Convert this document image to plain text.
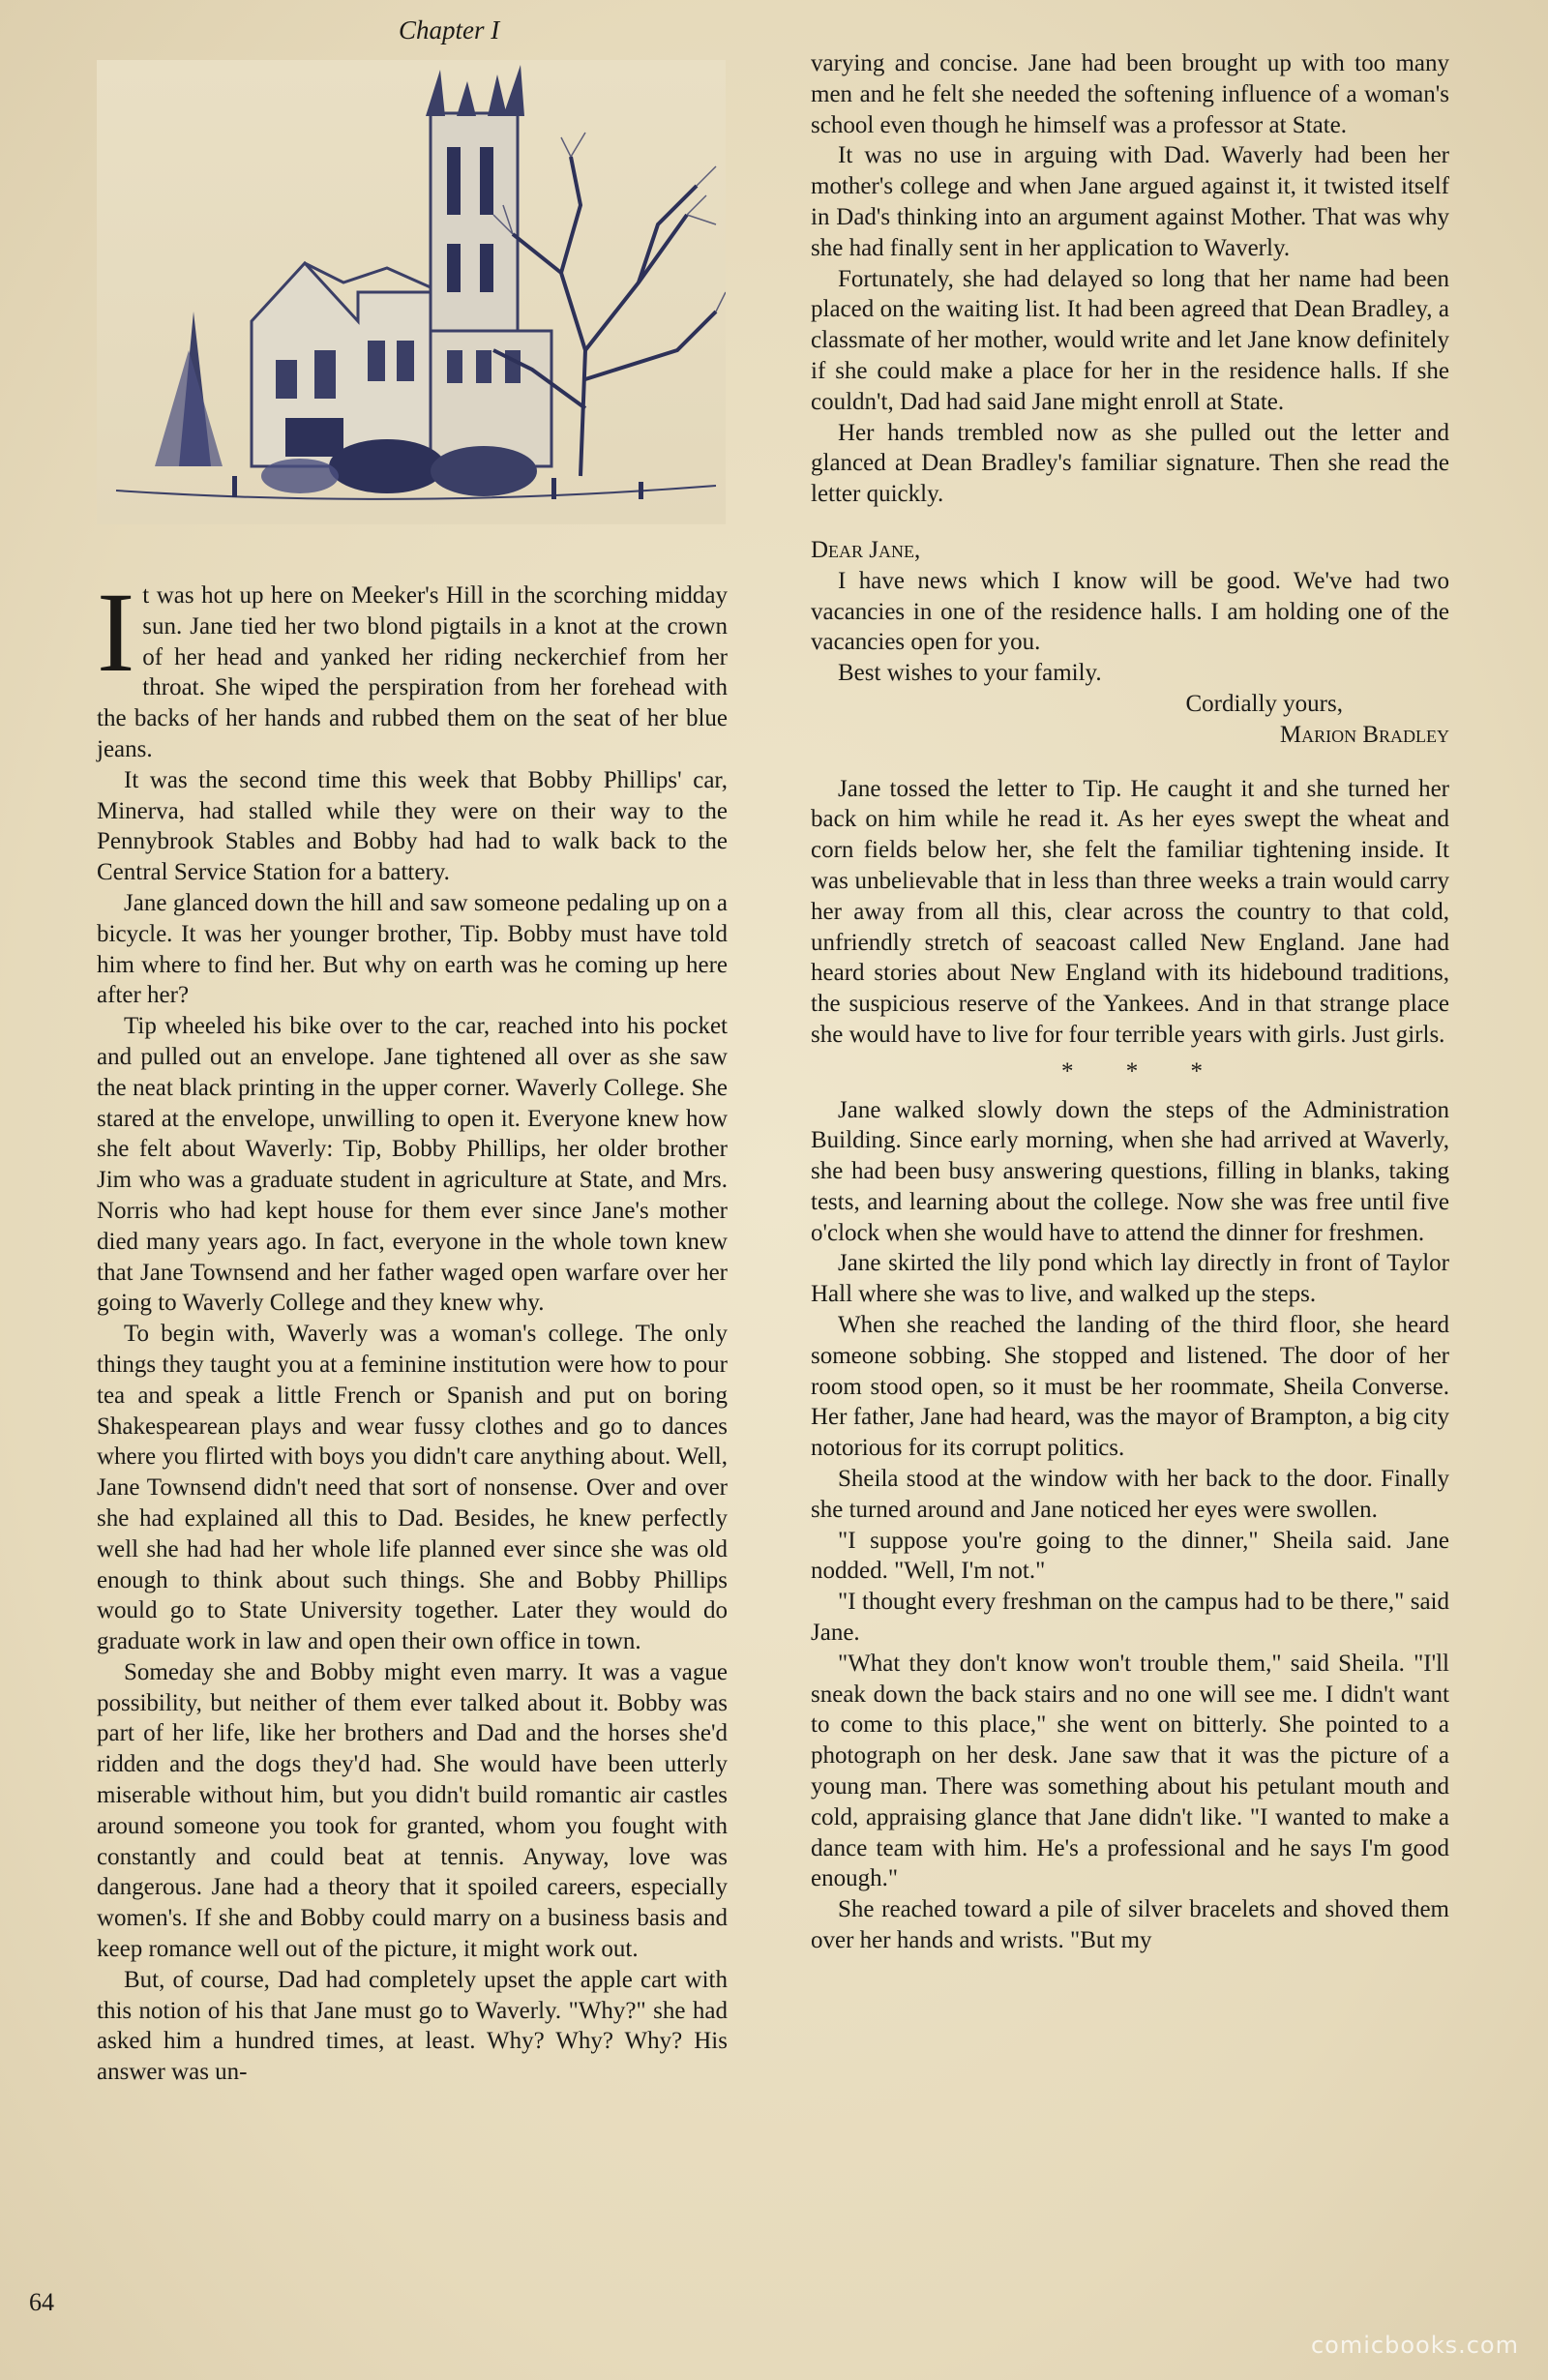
Chapter I
I t was hot up here on Meeker's Hill in the scorching midday sun. Jane tied her two blond pigtails in a knot at the crown of her head and yanked her riding neckerchief from her throat. She wiped the perspiration from her forehead with the backs of her hands and rubbed them on the seat of her blue jeans.

It was the second time this week that Bobby Phillips' car, Minerva, had stalled while they were on their way to the Pennybrook Stables and Bobby had had to walk back to the Central Service Station for a battery.

Jane glanced down the hill and saw someone pedaling up on a bicycle. It was her younger brother, Tip. Bobby must have told him where to find her. But why on earth was he coming up here after her?

Tip wheeled his bike over to the car, reached into his pocket and pulled out an envelope. Jane tightened all over as she saw the neat black printing in the upper corner. Waverly College. She stared at the envelope, unwilling to open it. Everyone knew how she felt about Waverly: Tip, Bobby Phillips, her older brother Jim who was a graduate student in agriculture at State, and Mrs. Norris who had kept house for them ever since Jane's mother died many years ago. In fact, everyone in the whole town knew that Jane Townsend and her father waged open warfare over her going to Waverly College and they knew why.

To begin with, Waverly was a woman's college. The only things they taught you at a feminine institution were how to pour tea and speak a little French or Spanish and put on boring Shakespearean plays and wear fussy clothes and go to dances where you flirted with boys you didn't care anything about. Well, Jane Townsend didn't need that sort of nonsense. Over and over she had explained all this to Dad. Besides, he knew perfectly well she had had her whole life planned ever since she was old enough to think about such things. She and Bobby Phillips would go to State University together. Later they would do graduate work in law and open their own office in town.

Someday she and Bobby might even marry. It was a vague possibility, but neither of them ever talked about it. Bobby was part of her life, like her brothers and Dad and the horses she'd ridden and the dogs they'd had. She would have been utterly miserable without him, but you didn't build romantic air castles around someone you took for granted, whom you fought with constantly and could beat at tennis. Anyway, love was dangerous. Jane had a theory that it spoiled careers, especially women's. If she and Bobby could marry on a business basis and keep romance well out of the picture, it might work out.

But, of course, Dad had completely upset the apple cart with this notion of his that Jane must go to Waverly. "Why?" she had asked him a hundred times, at least. Why? Why? Why? His answer was un-

varying and concise. Jane had been brought up with too many men and he felt she needed the softening influence of a woman's school even though he himself was a professor at State.

It was no use in arguing with Dad. Waverly had been her mother's college and when Jane argued against it, it twisted itself in Dad's thinking into an argument against Mother. That was why she had finally sent in her application to Waverly.

Fortunately, she had delayed so long that her name had been placed on the waiting list. It had been agreed that Dean Bradley, a classmate of her mother, would write and let Jane know definitely if she could make a place for her in the residence halls. If she couldn't, Dad had said Jane might enroll at State.

Her hands trembled now as she pulled out the letter and glanced at Dean Bradley's familiar signature. Then she read the letter quickly.

Dear Jane,

I have news which I know will be good. We've had two vacancies in one of the residence halls. I am holding one of the vacancies open for you.

Best wishes to your family.

Cordially yours,

Marion Bradley

Jane tossed the letter to Tip. He caught it and she turned her back on him while he read it. As her eyes swept the wheat and corn fields below her, she felt the familiar tightening inside. It was unbelievable that in less than three weeks a train would carry her away from all this, clear across the country to that cold, unfriendly stretch of seacoast called New England. Jane had heard stories about New England with its hidebound traditions, the suspicious reserve of the Yankees. And in that strange place she would have to live for four terrible years with girls. Just girls.

* * *

Jane walked slowly down the steps of the Administration Building. Since early morning, when she had arrived at Waverly, she had been busy answering questions, filling in blanks, taking tests, and learning about the college. Now she was free until five o'clock when she would have to attend the dinner for freshmen.

Jane skirted the lily pond which lay directly in front of Taylor Hall where she was to live, and walked up the steps.

When she reached the landing of the third floor, she heard someone sobbing. She stopped and listened. The door of her room stood open, so it must be her roommate, Sheila Converse. Her father, Jane had heard, was the mayor of Brampton, a big city notorious for its corrupt politics.

Sheila stood at the window with her back to the door. Finally she turned around and Jane noticed her eyes were swollen.

"I suppose you're going to the dinner," Sheila said. Jane nodded. "Well, I'm not."

"I thought every freshman on the campus had to be there," said Jane.

"What they don't know won't trouble them," said Sheila. "I'll sneak down the back stairs and no one will see me. I didn't want to come to this place," she went on bitterly. She pointed to a photograph on her desk. Jane saw that it was the picture of a young man. There was something about his petulant mouth and cold, appraising glance that Jane didn't like. "I wanted to make a dance team with him. He's a professional and he says I'm good enough."

She reached toward a pile of silver bracelets and shoved them over her hands and wrists. "But my

64
comicbooks.com
